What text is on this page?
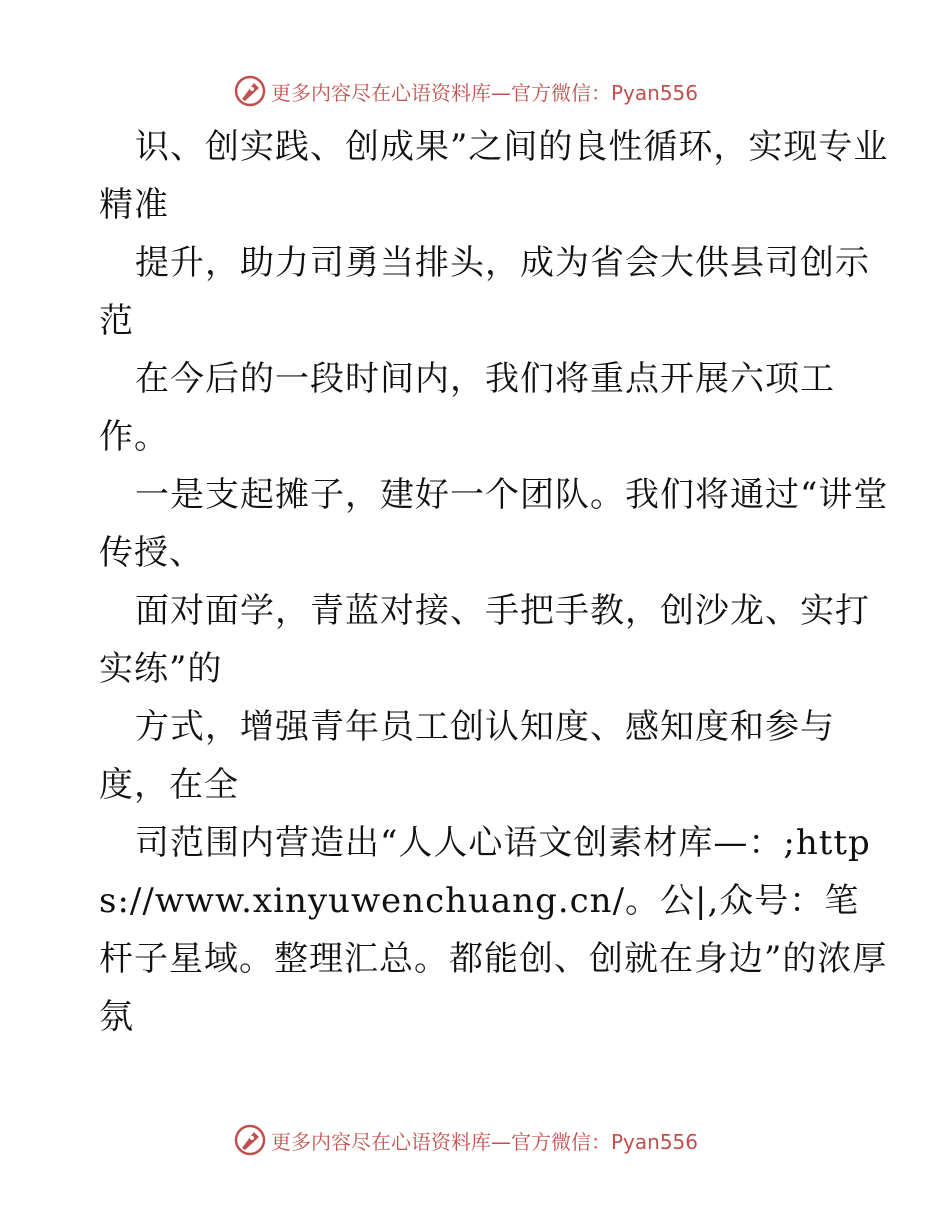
更多内容尽在心语资料库—官方微信：Pyan556

识、创实践、创成果”之间的良性循环，实现专业精准

提升，助力司勇当排头，成为省会大供县司创示范

在今后的一段时间内，我们将重点开展六项工作。

一是支起摊子，建好一个团队。我们将通过“讲堂传授、

面对面学，青蓝对接、手把手教，创沙龙、实打实练”的

方式，增强青年员工创认知度、感知度和参与度，在全

司范围内营造出“人人心语文创素材库—：;https://www.xinyuwenchuang.cn/。公|,众号：笔杆子星域。整理汇总。都能创、创就在身边”的浓厚氛

更多内容尽在心语资料库—官方微信：Pyan556
